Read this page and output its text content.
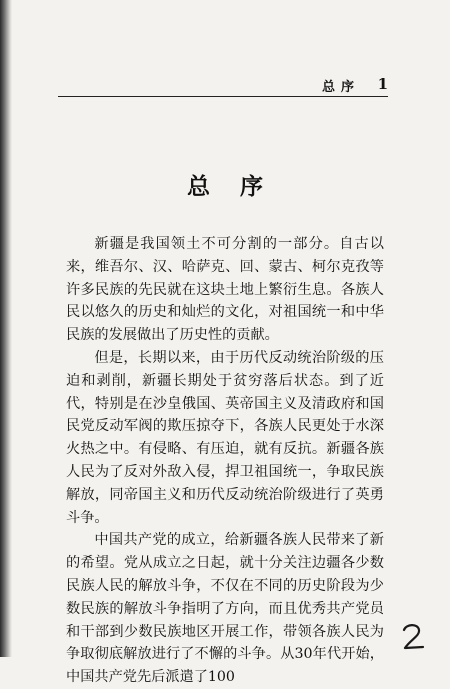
总序 1
总序

新疆是我国领土不可分割的一部分。自古以来，维吾尔、汉、哈萨克、回、蒙古、柯尔克孜等许多民族的先民就在这块土地上繁衍生息。各族人民以悠久的历史和灿烂的文化，对祖国统一和中华民族的发展做出了历史性的贡献。

但是，长期以来，由于历代反动统治阶级的压迫和剥削，新疆长期处于贫穷落后状态。到了近代，特别是在沙皇俄国、英帝国主义及清政府和国民党反动军阀的欺压掠夺下，各族人民更处于水深火热之中。有侵略、有压迫，就有反抗。新疆各族人民为了反对外敌入侵，捍卫祖国统一，争取民族解放，同帝国主义和历代反动统治阶级进行了英勇斗争。

中国共产党的成立，给新疆各族人民带来了新的希望。党从成立之日起，就十分关注边疆各少数民族人民的解放斗争，不仅在不同的历史阶段为少数民族的解放斗争指明了方向，而且优秀共产党员和干部到少数民族地区开展工作，带领各族人民为争取彻底解放进行了不懈的斗争。从30年代开始，中国共产党先后派遣了100
